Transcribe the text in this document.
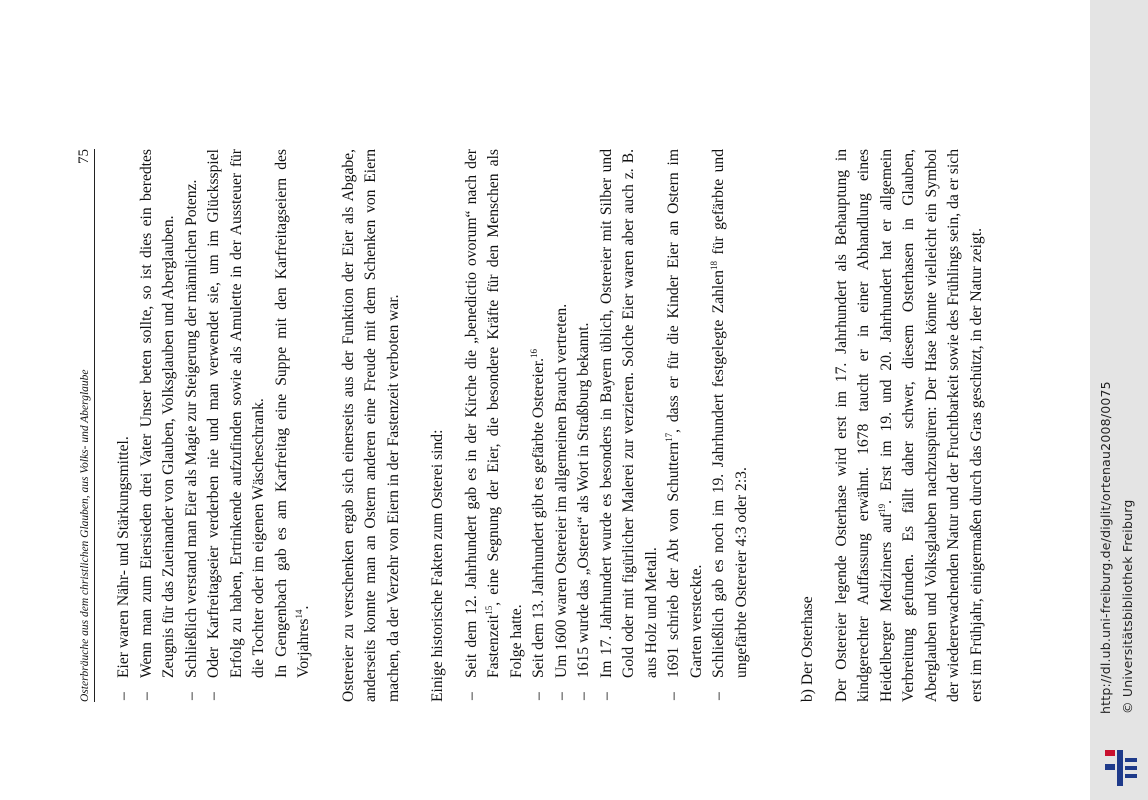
Osterbräuche aus dem christlichen Glauben, aus Volks- und Aberglaube
75
–
Eier waren Nähr- und Stärkungsmittel.
–
Wenn man zum Eiersieden drei Vater Unser beten sollte, so ist dies ein beredtes Zeugnis für das Zueinander von Glauben, Volksglauben und Aberglauben.
–
Schließlich verstand man Eier als Magie zur Steigerung der männlichen Potenz.
–
Oder Karfreitagseier verderben nie und man verwendet sie, um im Glücksspiel Erfolg zu haben, Ertrinkende aufzufinden sowie als Amulette in der Aussteuer für die Tochter oder im eigenen Wäscheschrank. In Gengenbach gab es am Karfreitag eine Suppe mit den Karfreitagseiern des Vorjahres$^{14}$. Ostereier zu verschenken ergab sich einerseits aus der Funktion der Eier als Abgabe, anderseits konnte man an Ostern anderen eine Freude mit dem Schenken von Eiern machen, da der Verzehr von Eiern in der Fastenzeit verboten war. Einige historische Fakten zum Osterei sind: –
Seit dem 12. Jahrhundert gab es in der Kirche die „benedictio ovorum“ nach der Fastenzeit$^{15}$, eine Segnung der Eier, die besondere Kräfte für den Menschen als Folge hatte.
–
Seit dem 13. Jahrhundert gibt es gefärbte Ostereier.$^{16}$
–
Um 1600 waren Ostereier im allgemeinen Brauch vertreten.
–
1615 wurde das „Osterei“ als Wort in Straßburg bekannt.
–
Im 17. Jahrhundert wurde es besonders in Bayern üblich, Ostereier mit Silber und Gold oder mit figürlicher Malerei zur verzieren. Solche Eier waren aber auch z. B. aus Holz und Metall.
–
1691 schrieb der Abt von Schuttern$^{17}$, dass er für die Kinder Eier an Ostern im Garten versteckte.
–
Schließlich gab es noch im 19. Jahrhundert festgelegte Zahlen$^{18}$ für gefärbte und ungefärbte Ostereier 4:3 oder 2:3.	b) Der Osterhase Der Ostereier legende Osterhase wird erst im 17. Jahrhundert als Behauptung in kindgerechter Auffassung erwähnt. 1678 taucht er in einer Abhandlung eines Heidelberger Mediziners auf$^{19}$. Erst im 19. und 20. Jahrhundert hat er allgemein Verbreitung gefunden. Es fällt daher schwer, diesem Osterhasen in Glauben, Aberglauben und Volksglauben nachzuspüren: Der Hase könnte vielleicht ein Symbol der wiedererwachenden Natur und der Fruchtbarkeit sowie des Frühlings sein, da er sich erst im Frühjahr, einigermaßen durch das Gras geschützt, in der Natur zeigt.	http://dl.ub.uni-freiburg.de/diglit/ortenau2008/0075 © Universitätsbibliothek Freiburg
